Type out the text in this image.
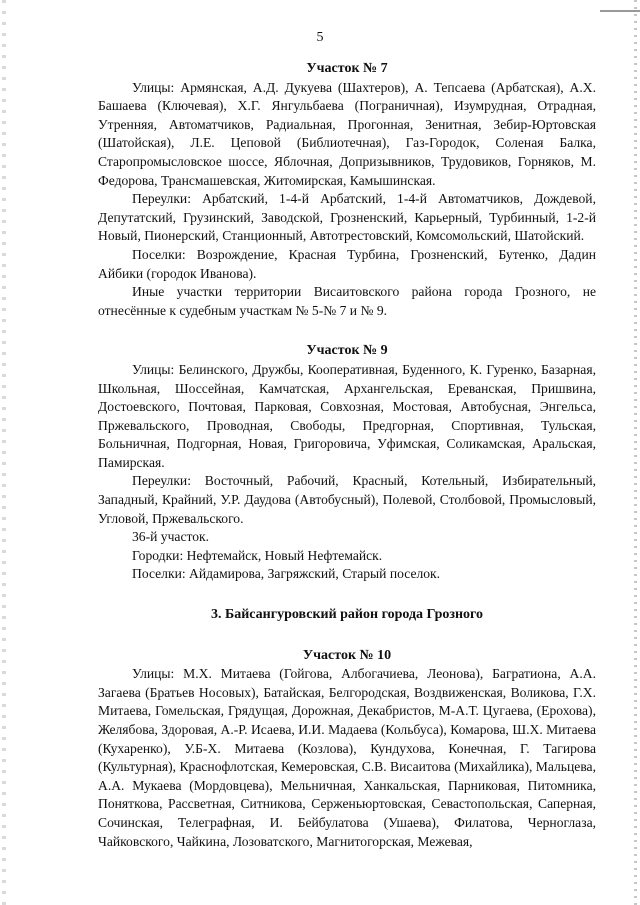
5
Участок № 7

Улицы: Армянская, А.Д. Дукуева (Шахтеров), А. Тепсаева (Арбатская), А.Х. Башаева (Ключевая), Х.Г. Янгульбаева (Пограничная), Изумрудная, Отрадная, Утренняя, Автоматчиков, Радиальная, Прогонная, Зенитная, Зебир-Юртовская (Шатойская), Л.Е. Цеповой (Библиотечная), Газ-Городок, Соленая Балка, Старопромысловское шоссе, Яблочная, Допризывников, Трудовиков, Горняков, М. Федорова, Трансмашевская, Житомирская, Камышинская.

Переулки: Арбатский, 1-4-й Арбатский, 1-4-й Автоматчиков, Дождевой, Депутатский, Грузинский, Заводской, Грозненский, Карьерный, Турбинный, 1-2-й Новый, Пионерский, Станционный, Автотрестовский, Комсомольский, Шатойский.

Поселки: Возрождение, Красная Турбина, Грозненский, Бутенко, Дадин Айбики (городок Иванова).

Иные участки территории Висаитовского района города Грозного, не отнесённые к судебным участкам № 5-№ 7 и № 9.

Участок № 9

Улицы: Белинского, Дружбы, Кооперативная, Буденного, К. Гуренко, Базарная, Школьная, Шоссейная, Камчатская, Архангельская, Ереванская, Пришвина, Достоевского, Почтовая, Парковая, Совхозная, Мостовая, Автобусная, Энгельса, Пржевальского, Проводная, Свободы, Предгорная, Спортивная, Тульская, Больничная, Подгорная, Новая, Григоровича, Уфимская, Соликамская, Аральская, Памирская.

Переулки: Восточный, Рабочий, Красный, Котельный, Избирательный, Западный, Крайний, У.Р. Даудова (Автобусный), Полевой, Столбовой, Промысловый, Угловой, Пржевальского.

36-й участок.

Городки: Нефтемайск, Новый Нефтемайск.

Поселки: Айдамирова, Загряжский, Старый поселок.

3. Байсангуровский район города Грозного
Участок № 10

Улицы: М.Х. Митаева (Гойгова, Албогачиева, Леонова), Багратиона, А.А. Загаева (Братьев Носовых), Батайская, Белгородская, Воздвиженская, Воликова, Г.Х. Митаева, Гомельская, Грядущая, Дорожная, Декабристов, М-А.Т. Цугаева, (Ерохова), Желябова, Здоровая, А.-Р. Исаева, И.И. Мадаева (Кольбуса), Комарова, Ш.Х. Митаева (Кухаренко), У.Б-Х. Митаева (Козлова), Кундухова, Конечная, Г. Тагирова (Культурная), Краснофлотская, Кемеровская, С.В. Висаитова (Михайлика), Мальцева, А.А. Мукаева (Мордовцева), Мельничная, Ханкальская, Парниковая, Питомника, Поняткова, Рассветная, Ситникова, Серженьюртовская, Севастопольская, Саперная, Сочинская, Телеграфная, И. Бейбулатова (Ушаева), Филатова, Черноглаза, Чайковского, Чайкина, Лозоватского, Магнитогорская, Межевая,
